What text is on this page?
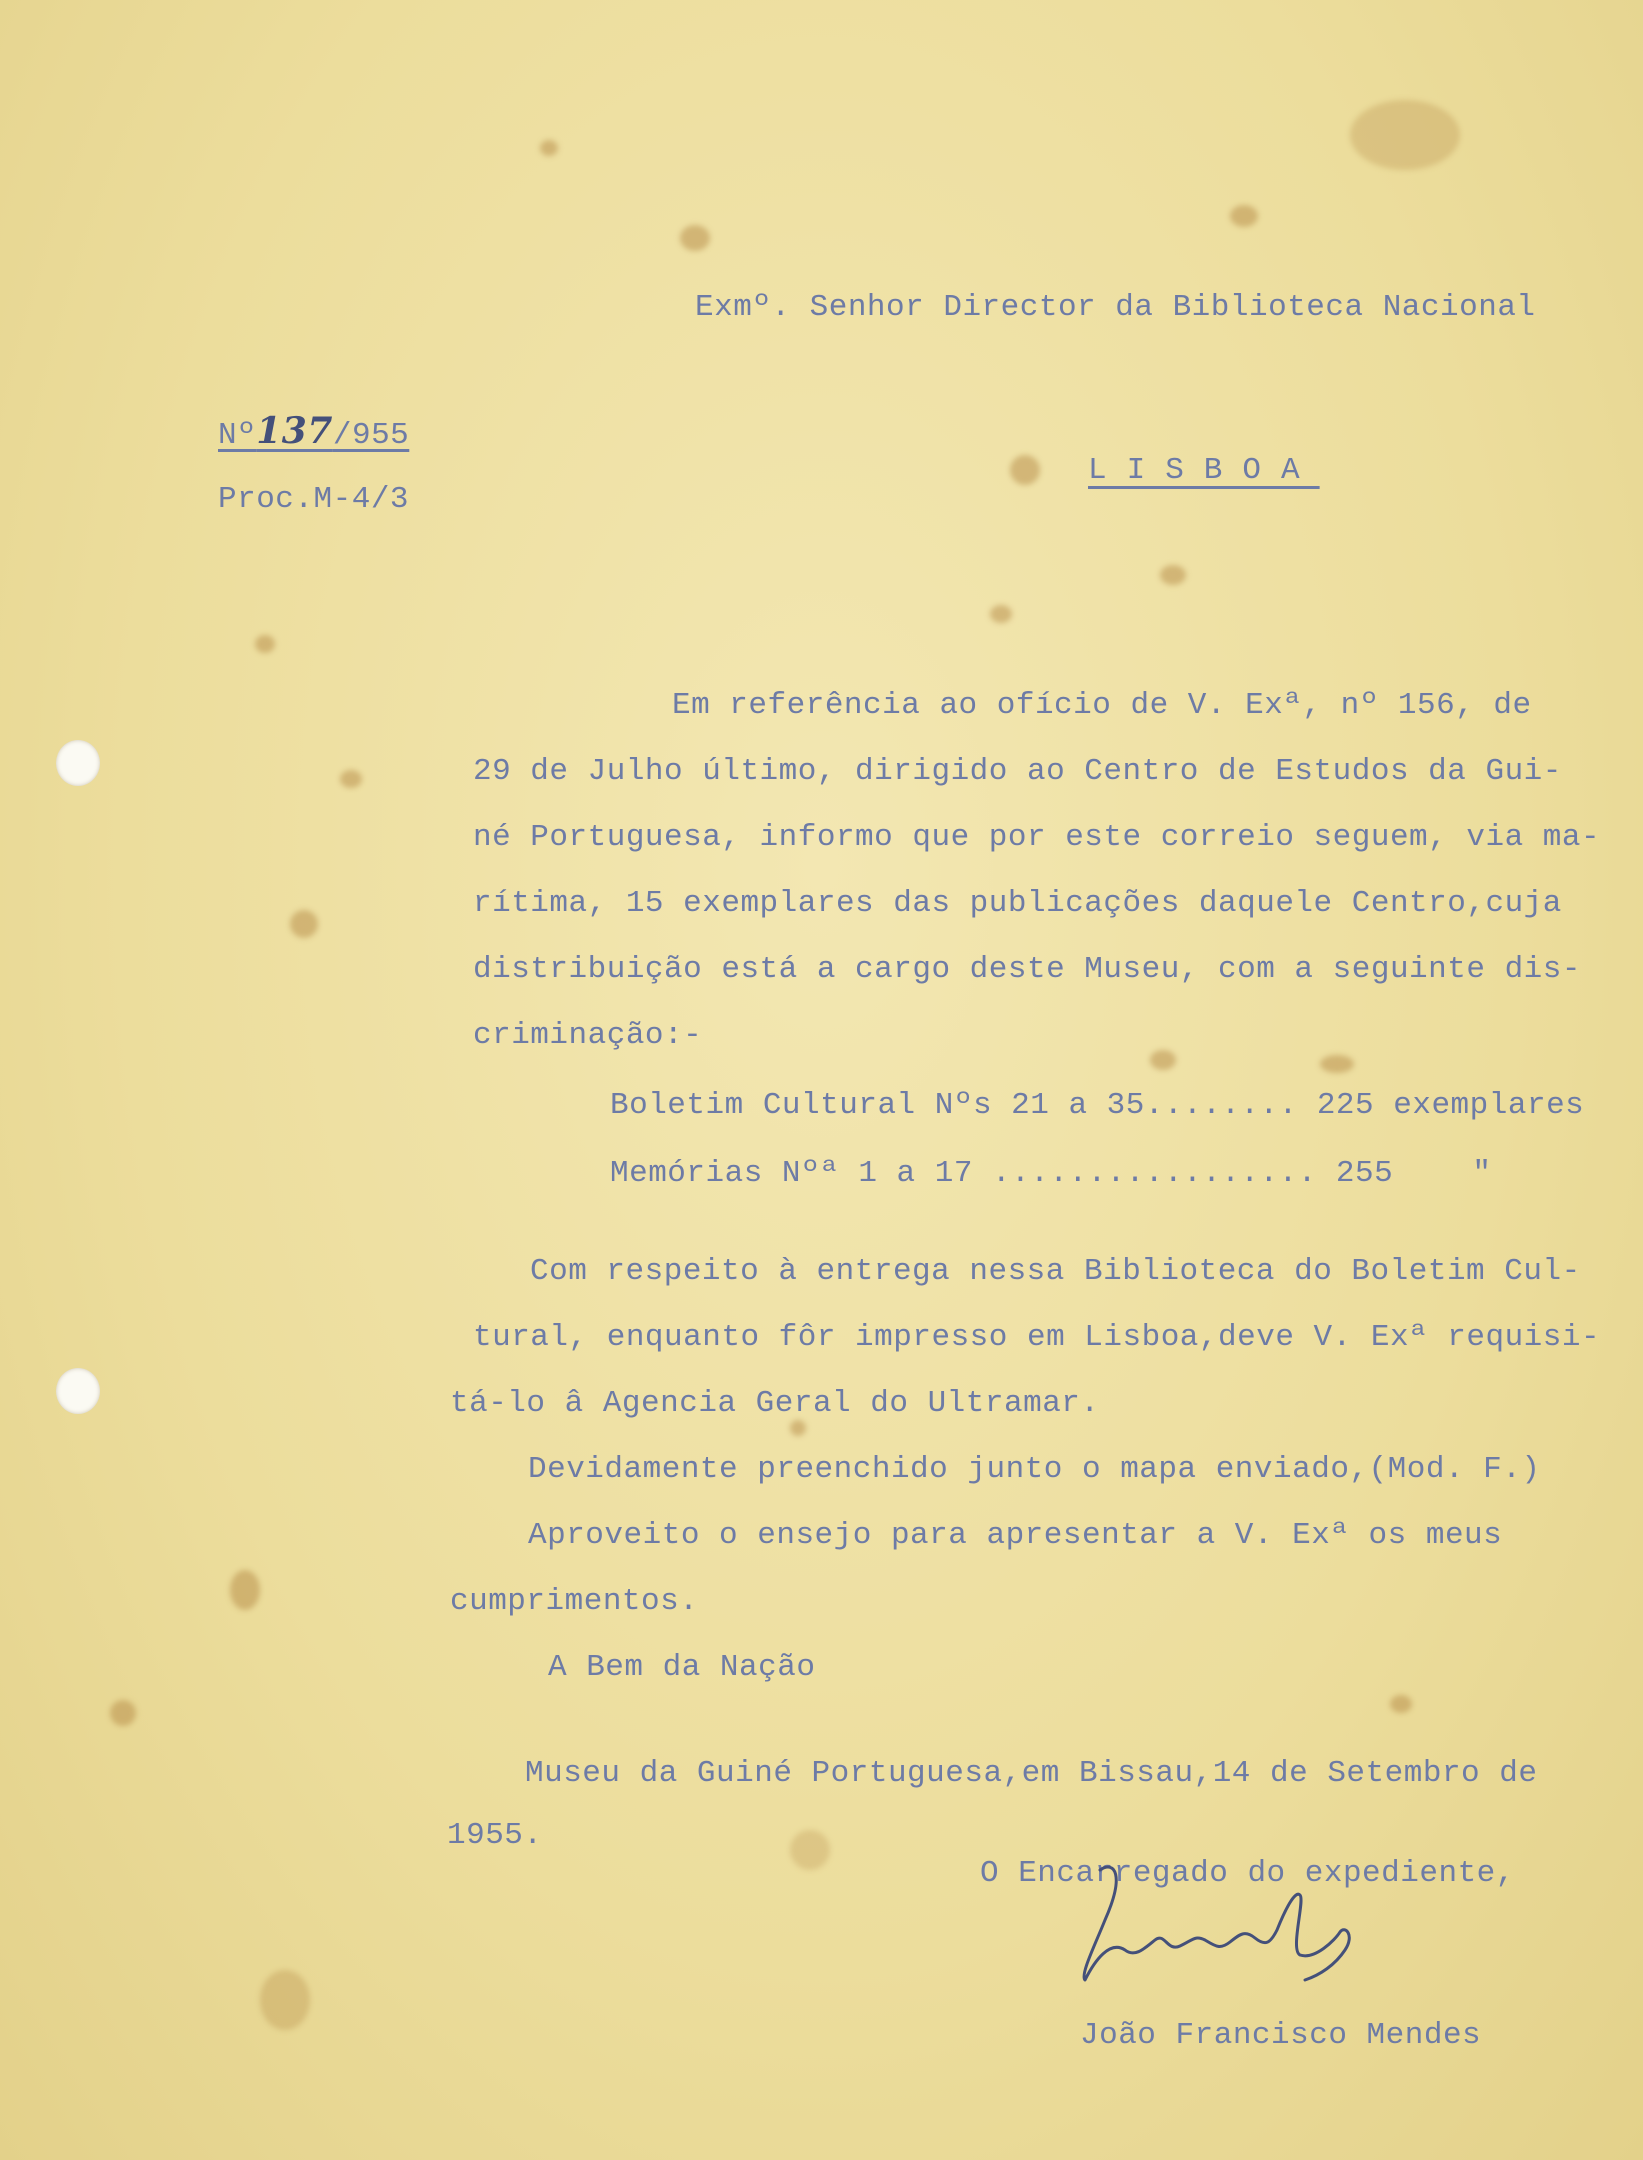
Exmº. Senhor Director da Biblioteca Nacional
Nº137/955
Proc.M-4/3
LISBOA
Em referência ao ofício de V. Exª, nº 156, de
29 de Julho último, dirigido ao Centro de Estudos da Gui-
né Portuguesa, informo que por este correio seguem, via ma-
rítima, 15 exemplares das publicações daquele Centro,cuja
distribuição está a cargo deste Museu, com a seguinte dis-
criminação:-
Boletim Cultural Nºs 21 a 35........ 225 exemplares
Memórias Nºª 1 a 17 ................. 255	"
Com respeito à entrega nessa Biblioteca do Boletim Cul-
tural, enquanto fôr impresso em Lisboa,deve V. Exª requisi-
tá-lo â Agencia Geral do Ultramar.
Devidamente preenchido junto o mapa enviado,(Mod. F.)
Aproveito o ensejo para apresentar a V. Exª os meus
cumprimentos.
A Bem da Nação
Museu da Guiné Portuguesa,em Bissau,14 de Setembro de
1955.
O Encarregado do expediente,
João Francisco Mendes
